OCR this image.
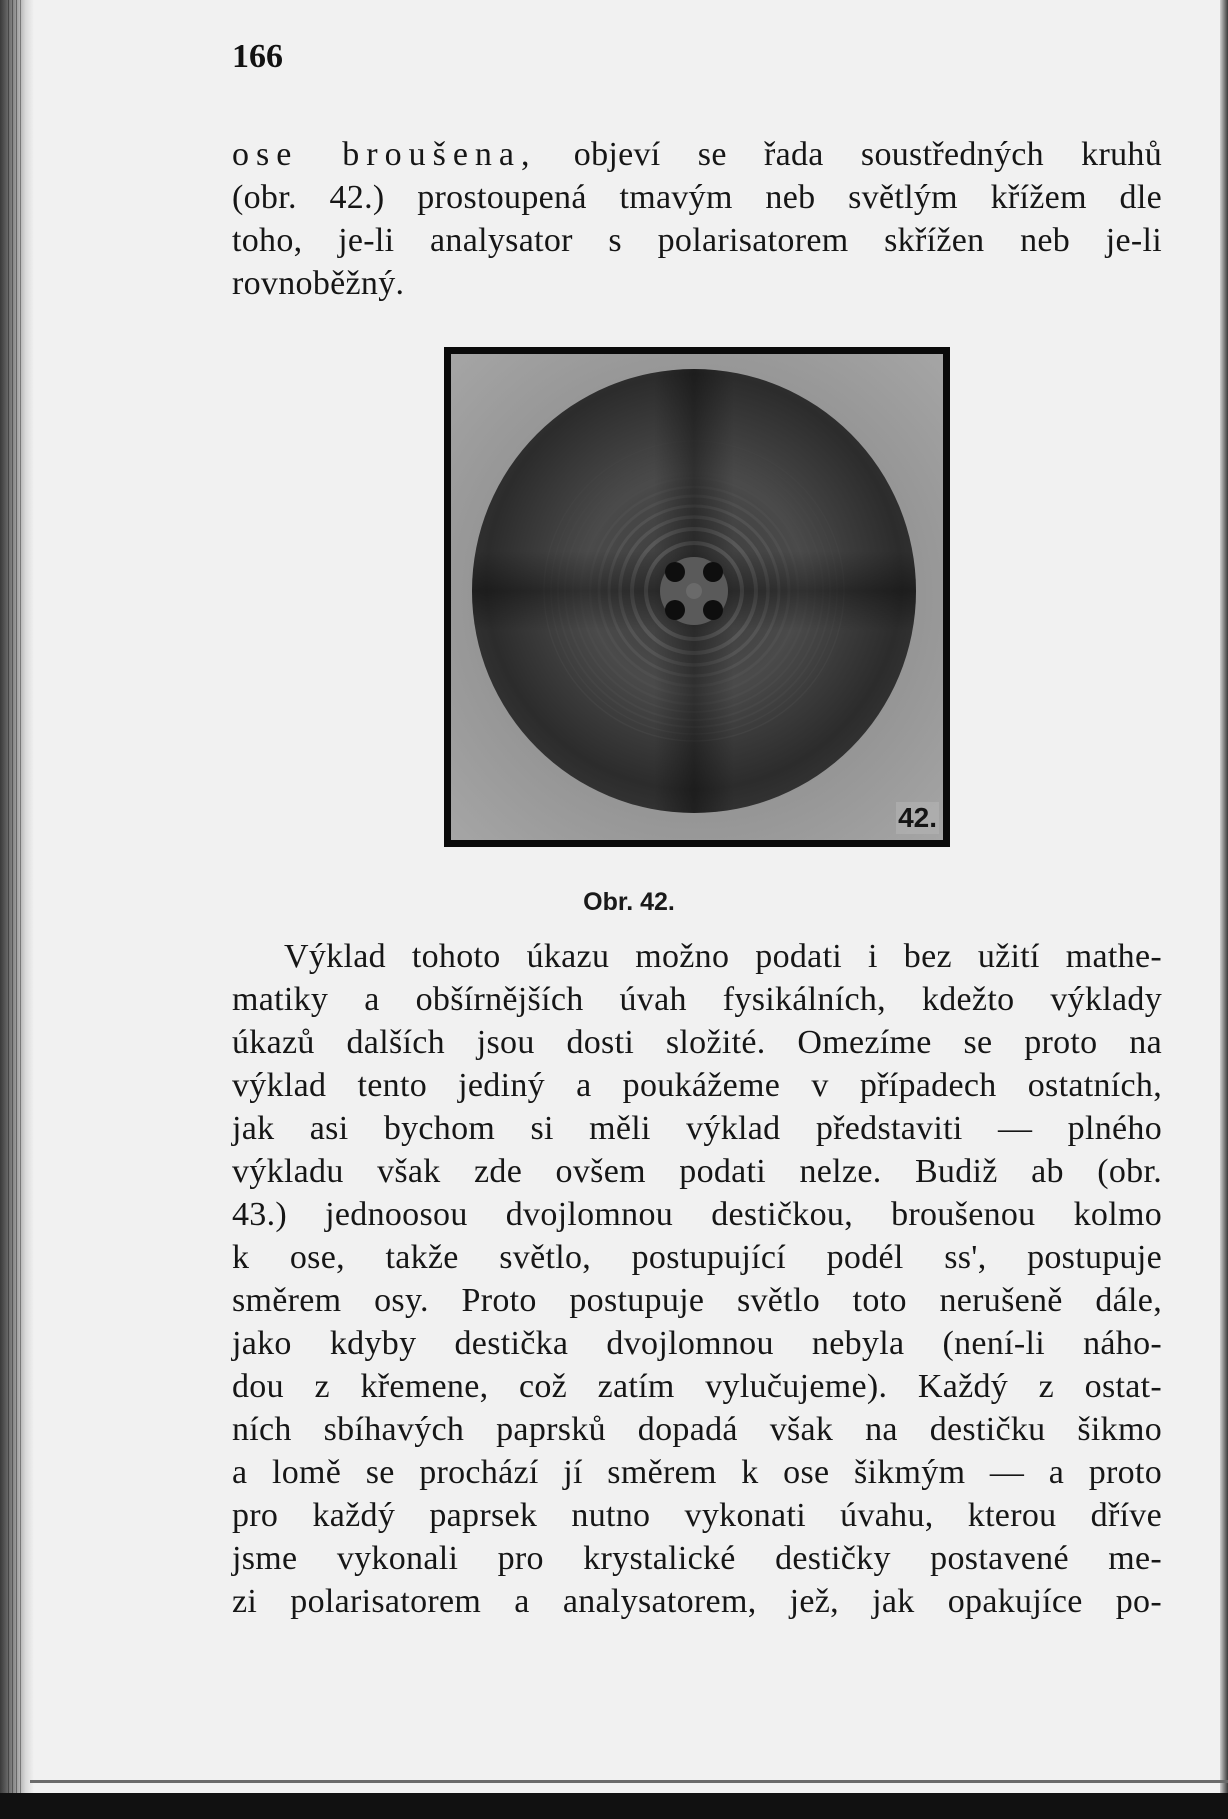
166
ose broušena, objeví se řada soustředných kruhů
(obr. 42.) prostoupená tmavým neb světlým křížem dle
toho, je-li analysator s polarisatorem skřížen neb je-li
rovnoběžný.
42.
Obr. 42.
Výklad tohoto úkazu možno podati i bez užití mathe-
matiky a obšírnějších úvah fysikálních, kdežto výklady
úkazů dalších jsou dosti složité. Omezíme se proto na
výklad tento jediný a poukážeme v případech ostatních,
jak asi bychom si měli výklad představiti — plného
výkladu však zde ovšem podati nelze. Budiž ab (obr.
43.) jednoosou dvojlomnou destičkou, broušenou kolmo
k ose, takže světlo, postupující podél ss', postupuje
směrem osy. Proto postupuje světlo toto nerušeně dále,
jako kdyby destička dvojlomnou nebyla (není-li náho-
dou z křemene, což zatím vylučujeme). Každý z ostat-
ních sbíhavých paprsků dopadá však na destičku šikmo
a lomě se prochází jí směrem k ose šikmým — a proto
pro každý paprsek nutno vykonati úvahu, kterou dříve
jsme vykonali pro krystalické destičky postavené me-
zi polarisatorem a analysatorem, jež, jak opakujíce po-
